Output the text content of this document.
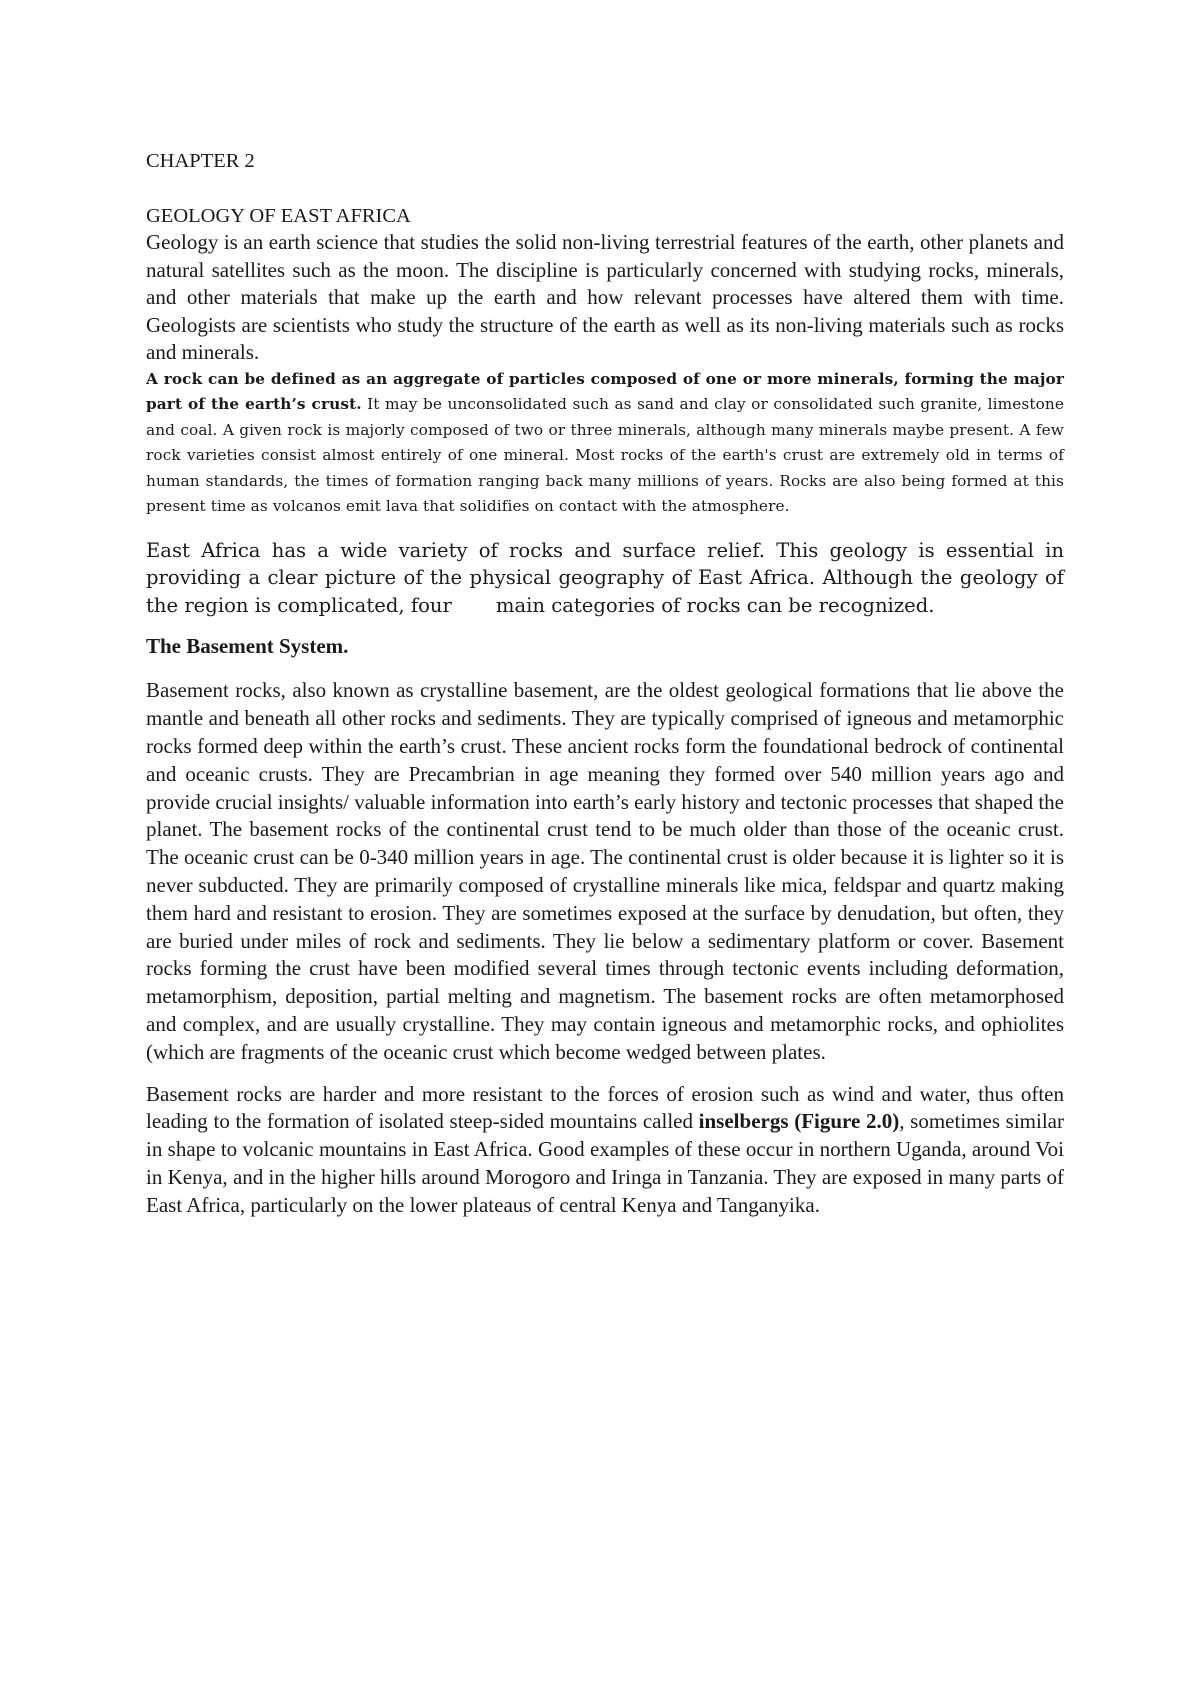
CHAPTER 2
GEOLOGY OF EAST AFRICA

Geology is an earth science that studies the solid non-living terrestrial features of the earth, other planets and natural satellites such as the moon. The discipline is particularly concerned with studying rocks, minerals, and other materials that make up the earth and how relevant processes have altered them with time. Geologists are scientists who study the structure of the earth as well as its non-living materials such as rocks and minerals.

A rock can be defined as an aggregate of particles composed of one or more minerals, forming the major part of the earth’s crust. It may be unconsolidated such as sand and clay or consolidated such granite, limestone and coal. A given rock is majorly composed of two or three minerals, although many minerals maybe present. A few rock varieties consist almost entirely of one mineral. Most rocks of the earth's crust are extremely old in terms of human standards, the times of formation ranging back many millions of years. Rocks are also being formed at this present time as volcanos emit lava that solidifies on contact with the atmosphere.

East Africa has a wide variety of rocks and surface relief. This geology is essential in providing a clear picture of the physical geography of East Africa. Although the geology of the region is complicated, four main categories of rocks can be recognized.

The Basement System.

Basement rocks, also known as crystalline basement, are the oldest geological formations that lie above the mantle and beneath all other rocks and sediments. They are typically comprised of igneous and metamorphic rocks formed deep within the earth’s crust. These ancient rocks form the foundational bedrock of continental and oceanic crusts. They are Precambrian in age meaning they formed over 540 million years ago and provide crucial insights/ valuable information into earth’s early history and tectonic processes that shaped the planet. The basement rocks of the continental crust tend to be much older than those of the oceanic crust. The oceanic crust can be 0-340 million years in age. The continental crust is older because it is lighter so it is never subducted. They are primarily composed of crystalline minerals like mica, feldspar and quartz making them hard and resistant to erosion. They are sometimes exposed at the surface by denudation, but often, they are buried under miles of rock and sediments. They lie below a sedimentary platform or cover. Basement rocks forming the crust have been modified several times through tectonic events including deformation, metamorphism, deposition, partial melting and magnetism. The basement rocks are often metamorphosed and complex, and are usually crystalline. They may contain igneous and metamorphic rocks, and ophiolites (which are fragments of the oceanic crust which become wedged between plates.

Basement rocks are harder and more resistant to the forces of erosion such as wind and water, thus often leading to the formation of isolated steep-sided mountains called inselbergs (Figure 2.0), sometimes similar in shape to volcanic mountains in East Africa. Good examples of these occur in northern Uganda, around Voi in Kenya, and in the higher hills around Morogoro and Iringa in Tanzania. They are exposed in many parts of East Africa, particularly on the lower plateaus of central Kenya and Tanganyika.
